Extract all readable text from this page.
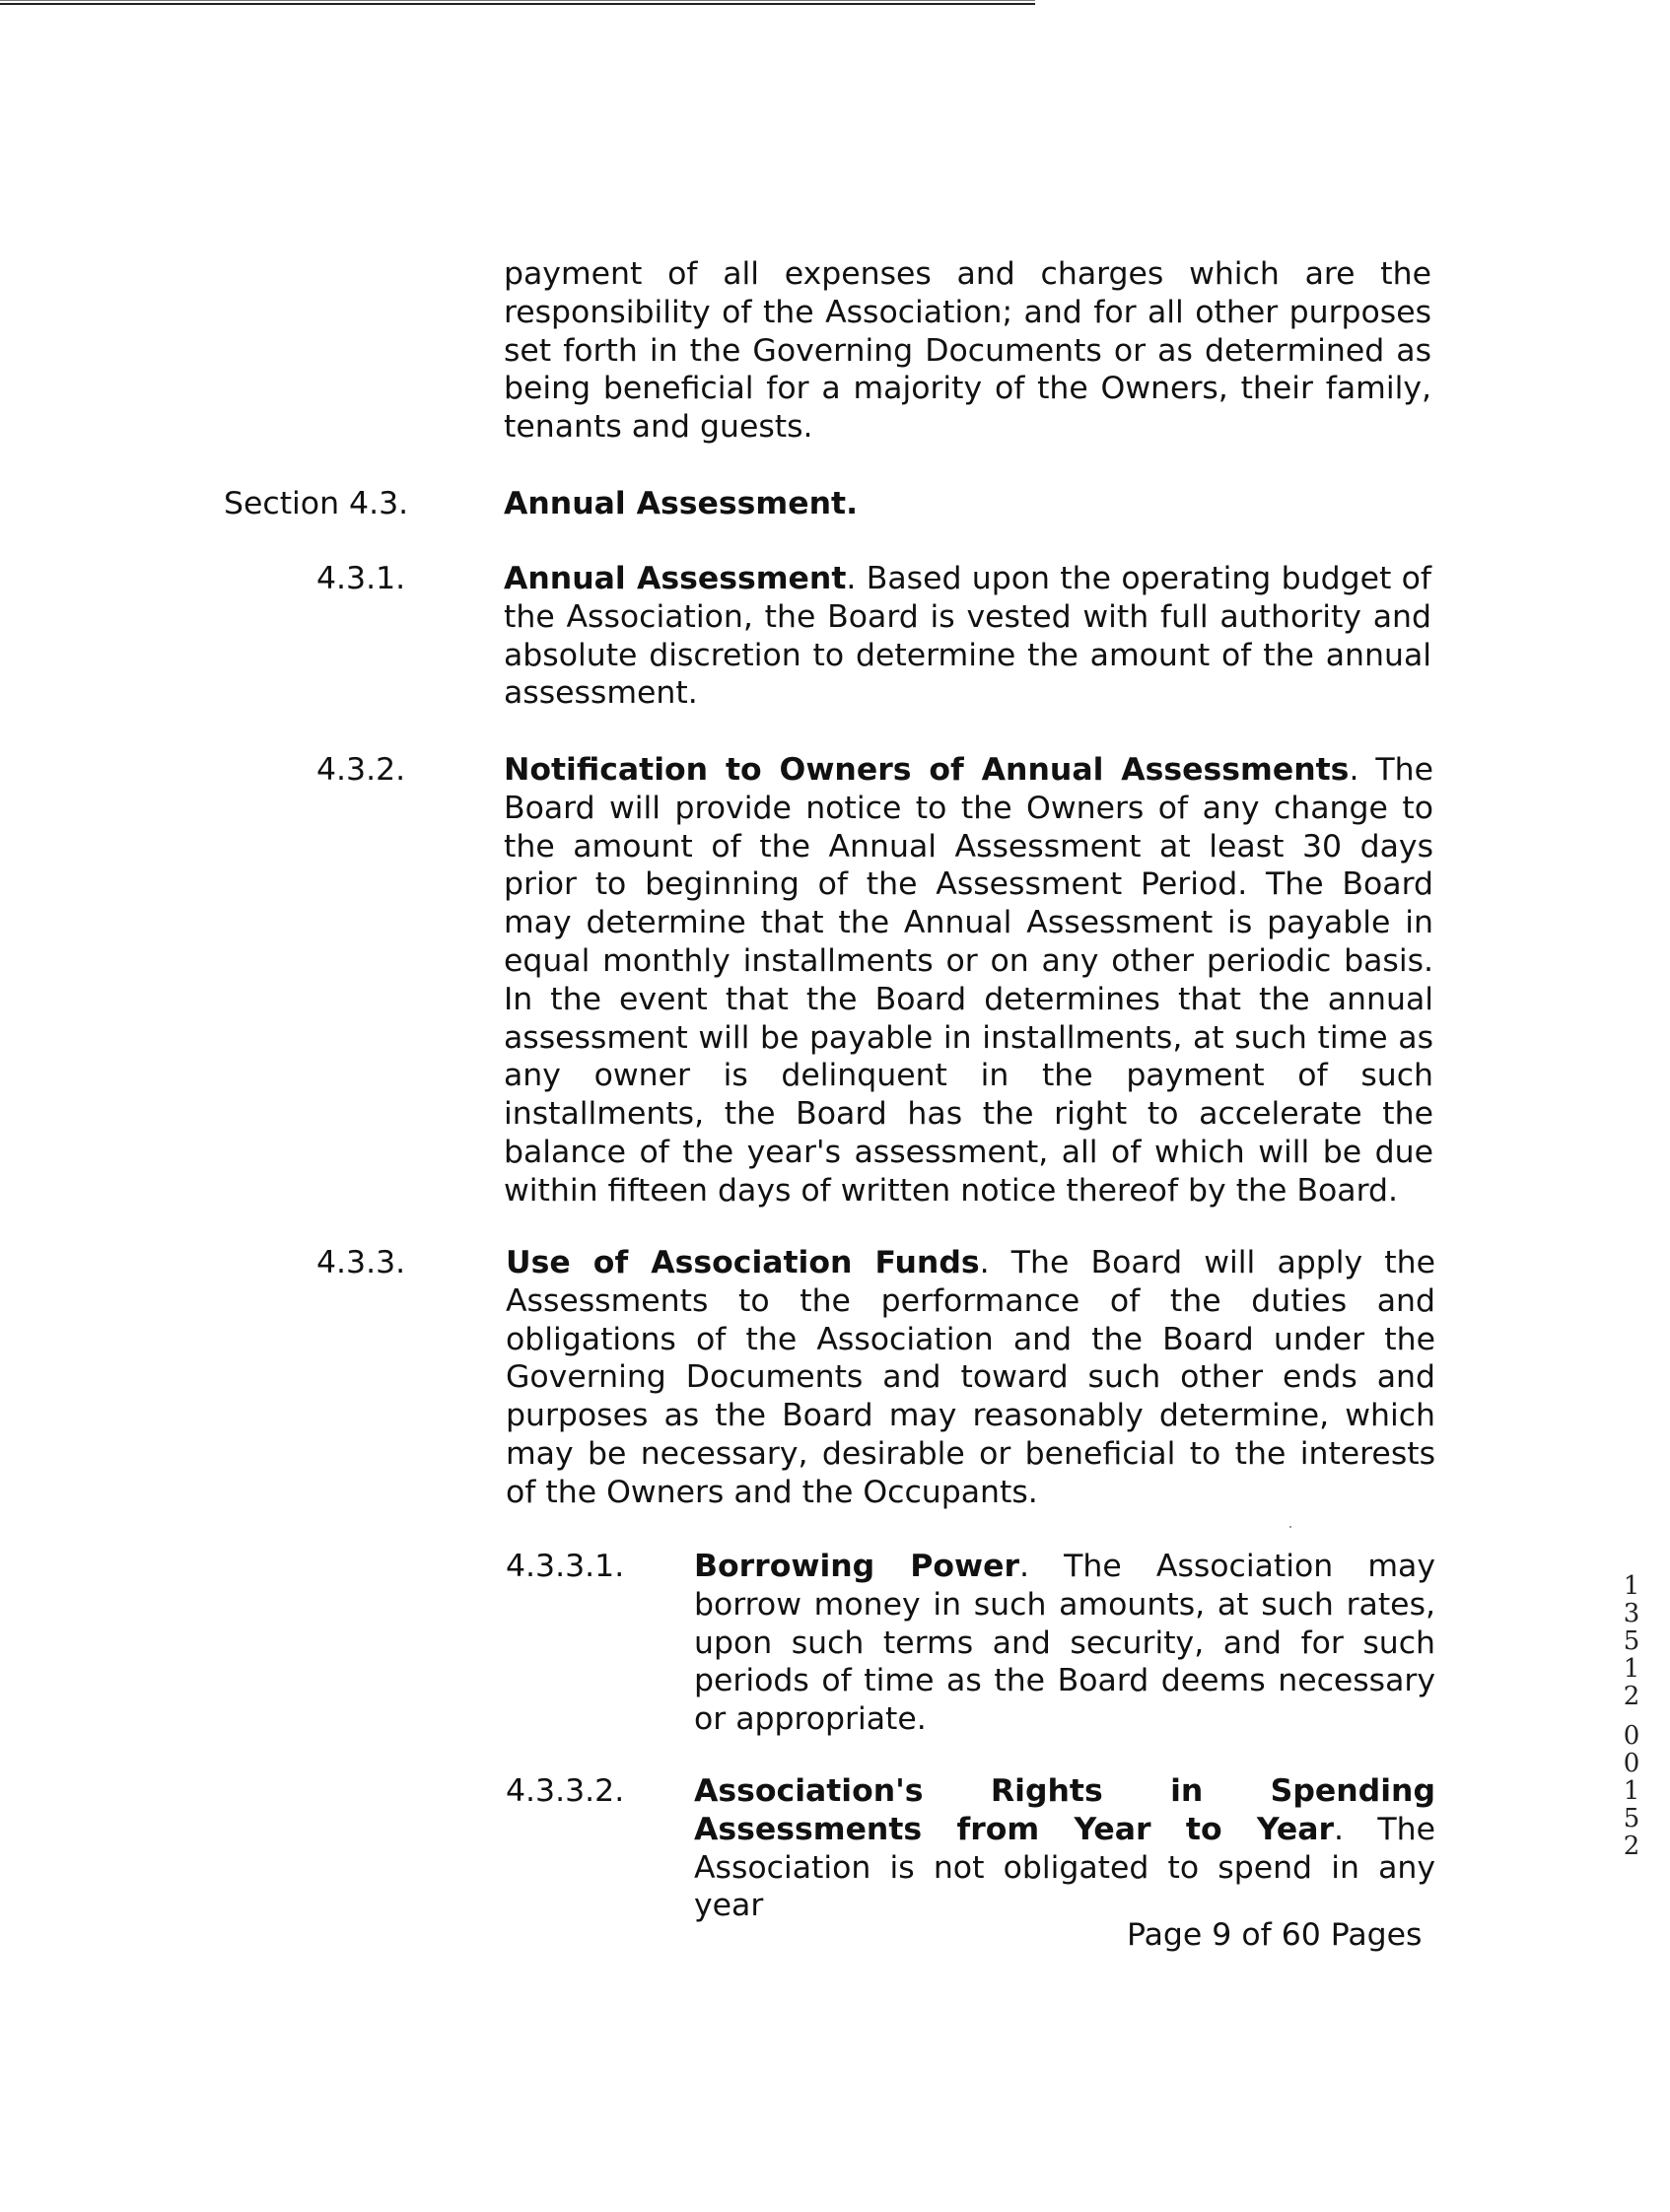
payment of all expenses and charges which are the responsibility of the Association; and for all other purposes set forth in the Governing Documents or as determined as being beneficial for a majority of the Owners, their family, tenants and guests.

Section 4.3.	Annual Assessment.

4.3.1.	Annual Assessment. Based upon the operating budget of the Association, the Board is vested with full authority and absolute discretion to determine the amount of the annual assessment.

4.3.2.	Notification to Owners of Annual Assessments. The Board will provide notice to the Owners of any change to the amount of the Annual Assessment at least 30 days prior to beginning of the Assessment Period. The Board may determine that the Annual Assessment is payable in equal monthly installments or on any other periodic basis. In the event that the Board determines that the annual assessment will be payable in installments, at such time as any owner is delinquent in the payment of such installments, the Board has the right to accelerate the balance of the year's assessment, all of which will be due within fifteen days of written notice thereof by the Board.

4.3.3.	Use of Association Funds. The Board will apply the Assessments to the performance of the duties and obligations of the Association and the Board under the Governing Documents and toward such other ends and purposes as the Board may reasonably determine, which may be necessary, desirable or beneficial to the interests of the Owners and the Occupants.

4.3.3.1. Borrowing Power. The Association may borrow money in such amounts, at such rates, upon such terms and security, and for such periods of time as the Board deems necessary or appropriate.

4.3.3.2. Association's Rights in Spending Assessments from Year to Year. The Association is not obligated to spend in any year

Page 9 of 60 Pages
1
3
5
1
2
0
0
1
5
2
